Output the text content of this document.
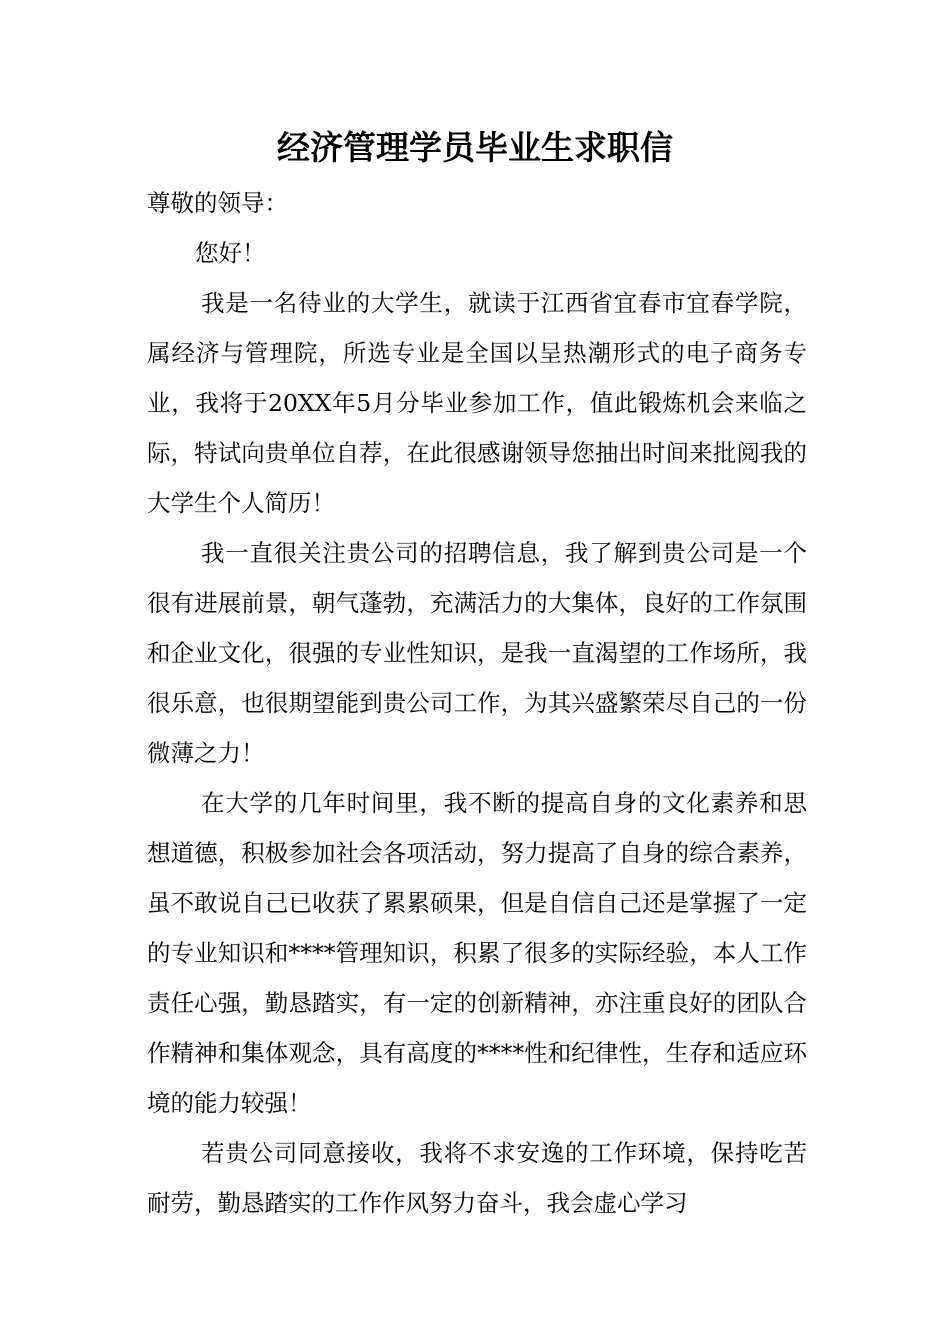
经济管理学员毕业生求职信

尊敬的领导：

您好！

我是一名待业的大学生，就读于江西省宜春市宜春学院，属经济与管理院，所选专业是全国以呈热潮形式的电子商务专业，我将于20XX年5月分毕业参加工作，值此锻炼机会来临之际，特试向贵单位自荐，在此很感谢领导您抽出时间来批阅我的大学生个人简历！

我一直很关注贵公司的招聘信息，我了解到贵公司是一个很有进展前景，朝气蓬勃，充满活力的大集体，良好的工作氛围和企业文化，很强的专业性知识，是我一直渴望的工作场所，我很乐意，也很期望能到贵公司工作，为其兴盛繁荣尽自己的一份微薄之力！

在大学的几年时间里，我不断的提高自身的文化素养和思想道德，积极参加社会各项活动，努力提高了自身的综合素养，虽不敢说自己已收获了累累硕果，但是自信自己还是掌握了一定的专业知识和****管理知识，积累了很多的实际经验，本人工作责任心强，勤恳踏实，有一定的创新精神，亦注重良好的团队合作精神和集体观念，具有高度的****性和纪律性，生存和适应环境的能力较强！

若贵公司同意接收，我将不求安逸的工作环境，保持吃苦耐劳，勤恳踏实的工作作风努力奋斗，我会虚心学习
